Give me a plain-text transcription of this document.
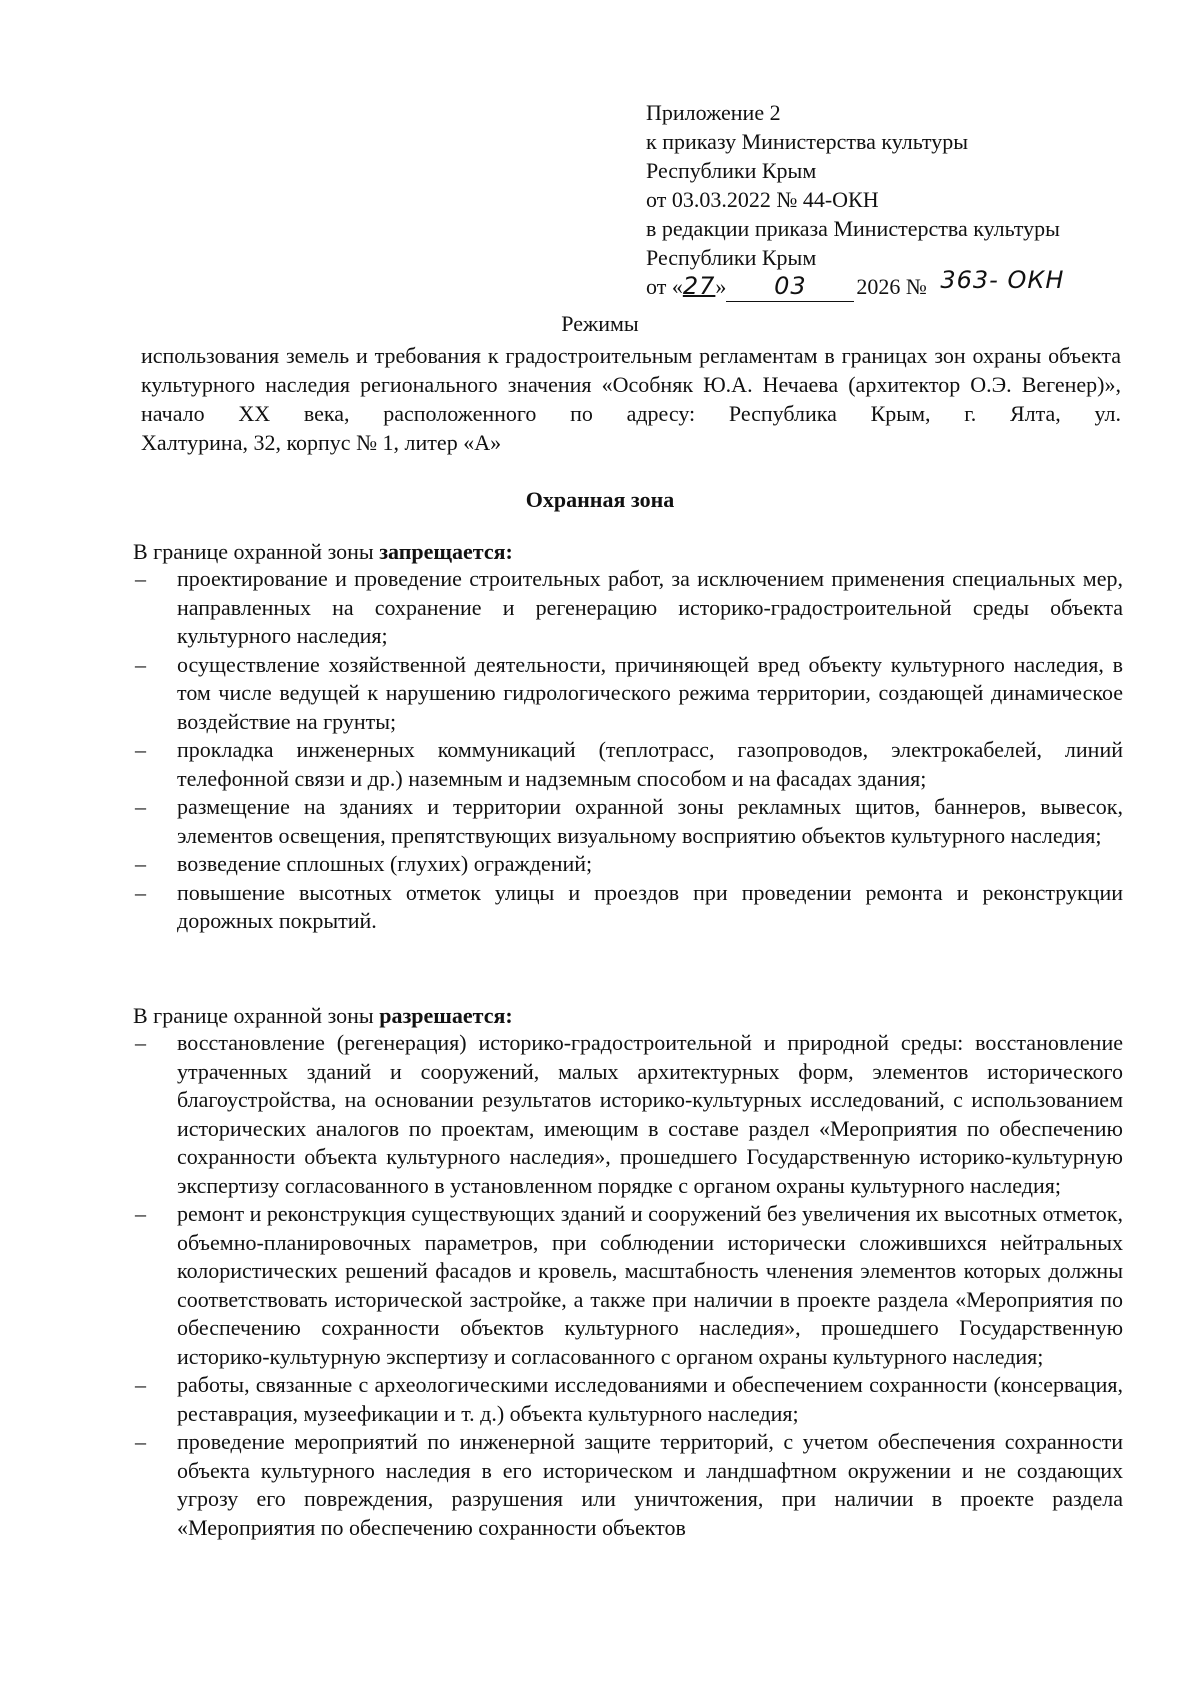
Приложение 2
к приказу Министерства культуры
Республики Крым
от 03.03.2022 № 44-ОКН
в редакции приказа Министерства культуры
Республики Крым
от «27» 03 2026 № 363- ОКН
Режимы
использования земель и требования к градостроительным регламентам в границах зон охраны объекта культурного наследия регионального значения «Особняк Ю.А. Нечаева (архитектор О.Э. Вегенер)», начало XX века, расположенного по адресу: Республика Крым, г. Ялта, ул.
Халтурина, 32, корпус № 1, литер «А»
Охранная зона
В границе охранной зоны запрещается:
–	проектирование и проведение строительных работ, за исключением применения специальных мер, направленных на сохранение и регенерацию историко-градостроительной среды объекта культурного наследия;
–	осуществление хозяйственной деятельности, причиняющей вред объекту культурного наследия, в том числе ведущей к нарушению гидрологического режима территории, создающей динамическое воздействие на грунты;
–	прокладка инженерных коммуникаций (теплотрасс, газопроводов, электрокабелей, линий телефонной связи и др.) наземным и надземным способом и на фасадах здания;
–	размещение на зданиях и территории охранной зоны рекламных щитов, баннеров, вывесок, элементов освещения, препятствующих визуальному восприятию объектов культурного наследия;
–	возведение сплошных (глухих) ограждений;
–	повышение высотных отметок улицы и проездов при проведении ремонта и реконструкции дорожных покрытий.
В границе охранной зоны разрешается:
–	восстановление (регенерация) историко-градостроительной и природной среды: восстановление утраченных зданий и сооружений, малых архитектурных форм, элементов исторического благоустройства, на основании результатов историко-культурных исследований, с использованием исторических аналогов по проектам, имеющим в составе раздел «Мероприятия по обеспечению сохранности объекта культурного наследия», прошедшего Государственную историко-культурную экспертизу согласованного в установленном порядке с органом охраны культурного наследия;
–	ремонт и реконструкция существующих зданий и сооружений без увеличения их высотных отметок, объемно-планировочных параметров, при соблюдении исторически сложившихся нейтральных колористических решений фасадов и кровель, масштабность членения элементов которых должны соответствовать исторической застройке, а также при наличии в проекте раздела «Мероприятия по обеспечению сохранности объектов культурного наследия», прошедшего Государственную историко-культурную экспертизу и согласованного с органом охраны культурного наследия;
–	работы, связанные с археологическими исследованиями и обеспечением сохранности (консервация, реставрация, музеефикации и т. д.) объекта культурного наследия;
–	проведение мероприятий по инженерной защите территорий, с учетом обеспечения сохранности объекта культурного наследия в его историческом и ландшафтном окружении и не создающих угрозу его повреждения, разрушения или уничтожения, при наличии в проекте раздела «Мероприятия по обеспечению сохранности объектов
